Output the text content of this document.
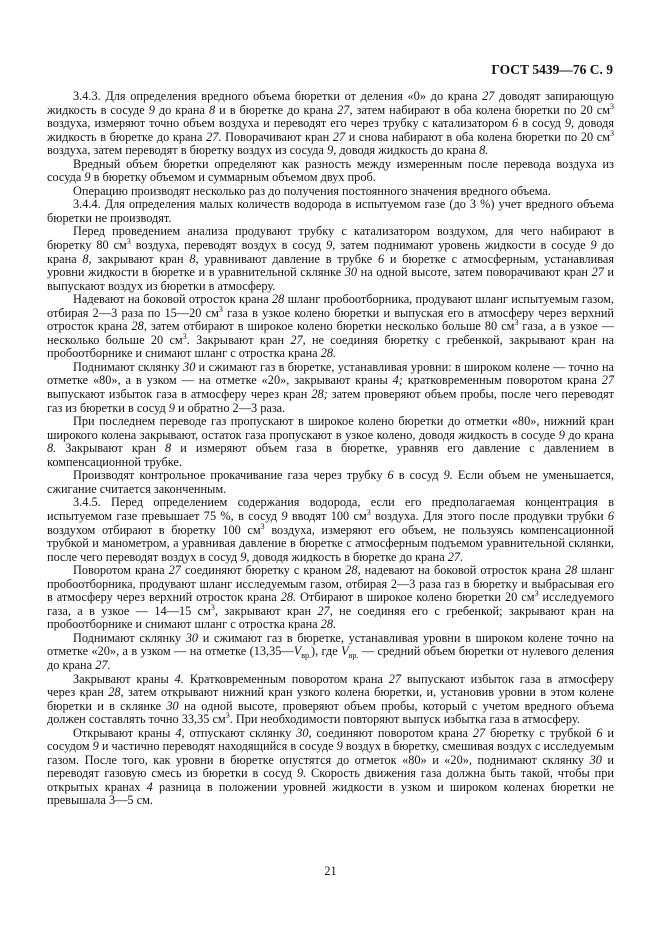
ГОСТ 5439—76 С. 9

3.4.3. Для определения вредного объема бюретки от деления «0» до крана 27 доводят запирающую жидкость в сосуде 9 до крана 8 и в бюретке до крана 27, затем набирают в оба колена бюретки по 20 $см^3$ воздуха, измеряют точно объем воздуха и переводят его через трубку с катализатором 6 в сосуд 9, доводя жидкость в бюретке до крана 27. Поворачивают кран 27 и снова набирают в оба колена бюретки по 20 $см^3$ воздуха, затем переводят в бюретку воздух из сосуда 9, доводя жидкость до крана 8.

Вредный объем бюретки определяют как разность между измеренным после перевода воздуха из сосуда 9 в бюретку объемом и суммарным объемом двух проб.

Операцию производят несколько раз до получения постоянного значения вредного объема.

3.4.4. Для определения малых количеств водорода в испытуемом газе (до 3 %) учет вредного объема бюретки не производят.

Перед проведением анализа продувают трубку с катализатором воздухом, для чего набирают в бюретку 80 $см^3$ воздуха, переводят воздух в сосуд 9, затем поднимают уровень жидкости в сосуде 9 до крана 8, закрывают кран 8, уравнивают давление в трубке 6 и бюретке с атмосферным, устанавливая уровни жидкости в бюретке и в уравнительной склянке 30 на одной высоте, затем поворачивают кран 27 и выпускают воздух из бюретки в атмосферу.

Надевают на боковой отросток крана 28 шланг пробоотборника, продувают шланг испытуемым газом, отбирая 2—3 раза по 15—20 $см^3$ газа в узкое колено бюретки и выпуская его в атмосферу через верхний отросток крана 28, затем отбирают в широкое колено бюретки несколько больше 80 $см^3$ газа, а в узкое — несколько больше 20 $см^3$. Закрывают кран 27, не соединяя бюретку с гребенкой, закрывают кран на пробоотборнике и снимают шланг с отростка крана 28.

Поднимают склянку 30 и сжимают газ в бюретке, устанавливая уровни: в широком колене — точно на отметке «80», а в узком — на отметке «20», закрывают краны 4; кратковременным поворотом крана 27 выпускают избыток газа в атмосферу через кран 28; затем проверяют объем пробы, после чего переводят газ из бюретки в сосуд 9 и обратно 2—3 раза.

При последнем переводе газ пропускают в широкое колено бюретки до отметки «80», нижний кран широкого колена закрывают, остаток газа пропускают в узкое колено, доводя жидкость в сосуде 9 до крана 8. Закрывают кран 8 и измеряют объем газа в бюретке, уравняв его давление с давлением в компенсационной трубке.

Производят контрольное прокачивание газа через трубку 6 в сосуд 9. Если объем не уменьшается, сжигание считается законченным.

3.4.5. Перед определением содержания водорода, если его предполагаемая концентрация в испытуемом газе превышает 75 %, в сосуд 9 вводят 100 $см^3$ воздуха. Для этого после продувки трубки 6 воздухом отбирают в бюретку 100 $см^3$ воздуха, измеряют его объем, не пользуясь компенсационной трубкой и манометром, а уравнивая давление в бюретке с атмосферным подъемом уравнительной склянки, после чего переводят воздух в сосуд 9, доводя жидкость в бюретке до крана 27.

Поворотом крана 27 соединяют бюретку с краном 28, надевают на боковой отросток крана 28 шланг пробоотборника, продувают шланг исследуемым газом, отбирая 2—3 раза газ в бюретку и выбрасывая его в атмосферу через верхний отросток крана 28. Отбирают в широкое колено бюретки 20 $см^3$ исследуемого газа, а в узкое — 14—15 $см^3$, закрывают кран 27, не соединяя его с гребенкой; закрывают кран на пробоотборнике и снимают шланг с отростка крана 28.

Поднимают склянку 30 и сжимают газ в бюретке, устанавливая уровни в широком колене точно на отметке «20», а в узком — на отметке $(13,35—V_{вр.})$, где $V_{вр.}$ — средний объем бюретки от нулевого деления до крана 27.

Закрывают краны 4. Кратковременным поворотом крана 27 выпускают избыток газа в атмосферу через кран 28, затем открывают нижний кран узкого колена бюретки, и, установив уровни в этом колене бюретки и в склянке 30 на одной высоте, проверяют объем пробы, который с учетом вредного объема должен составлять точно 33,35 $см^3$. При необходимости повторяют выпуск избытка газа в атмосферу.

Открывают краны 4, отпускают склянку 30, соединяют поворотом крана 27 бюретку с трубкой 6 и сосудом 9 и частично переводят находящийся в сосуде 9 воздух в бюретку, смешивая воздух с исследуемым газом. После того, как уровни в бюретке опустятся до отметок «80» и «20», поднимают склянку 30 и переводят газовую смесь из бюретки в сосуд 9. Скорость движения газа должна быть такой, чтобы при открытых кранах 4 разница в положении уровней жидкости в узком и широком коленах бюретки не превышала 3—5 см.

21
